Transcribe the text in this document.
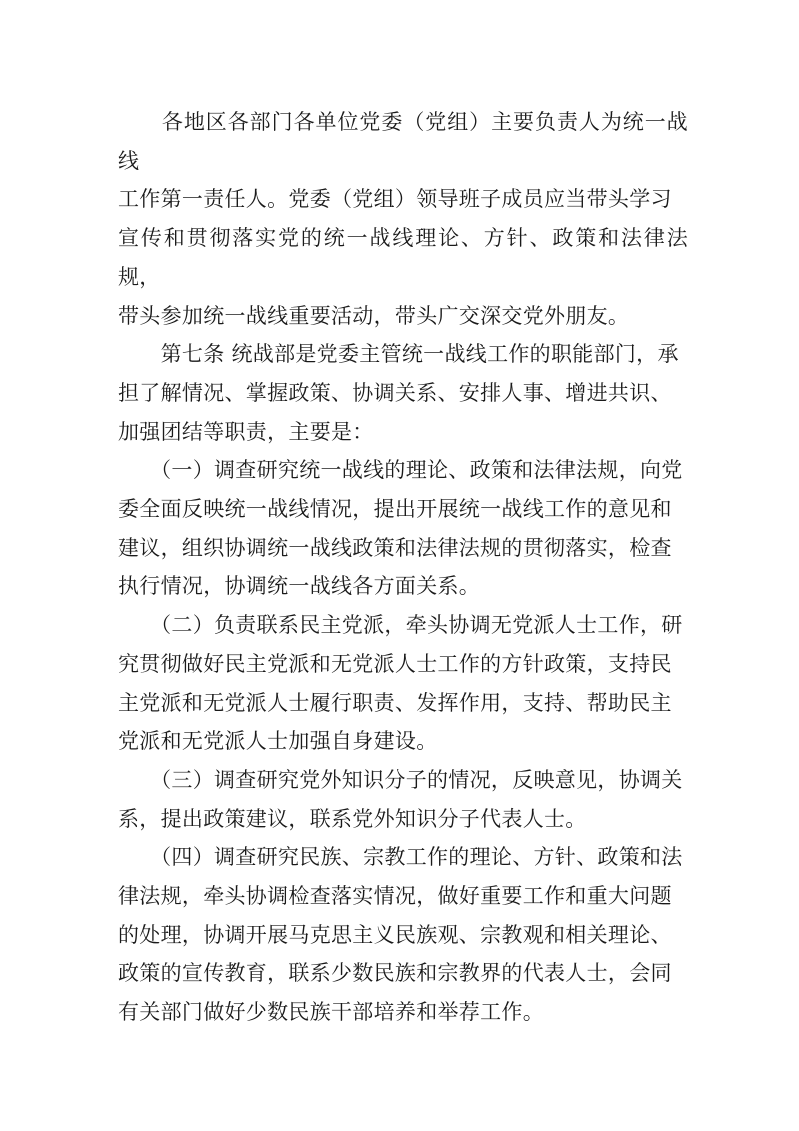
　　各地区各部门各单位党委（党组）主要负责人为统一战线
工作第一责任人。党委（党组）领导班子成员应当带头学习
宣传和贯彻落实党的统一战线理论、方针、政策和法律法规，
带头参加统一战线重要活动，带头广交深交党外朋友。

　　第七条 统战部是党委主管统一战线工作的职能部门，承
担了解情况、掌握政策、协调关系、安排人事、增进共识、
加强团结等职责，主要是：

　　（一）调查研究统一战线的理论、政策和法律法规，向党
委全面反映统一战线情况，提出开展统一战线工作的意见和
建议，组织协调统一战线政策和法律法规的贯彻落实，检查
执行情况，协调统一战线各方面关系。

　　（二）负责联系民主党派，牵头协调无党派人士工作，研
究贯彻做好民主党派和无党派人士工作的方针政策，支持民
主党派和无党派人士履行职责、发挥作用，支持、帮助民主
党派和无党派人士加强自身建设。

　　（三）调查研究党外知识分子的情况，反映意见，协调关
系，提出政策建议，联系党外知识分子代表人士。

　　（四）调查研究民族、宗教工作的理论、方针、政策和法
律法规，牵头协调检查落实情况，做好重要工作和重大问题
的处理，协调开展马克思主义民族观、宗教观和相关理论、
政策的宣传教育，联系少数民族和宗教界的代表人士，会同
有关部门做好少数民族干部培养和举荐工作。
